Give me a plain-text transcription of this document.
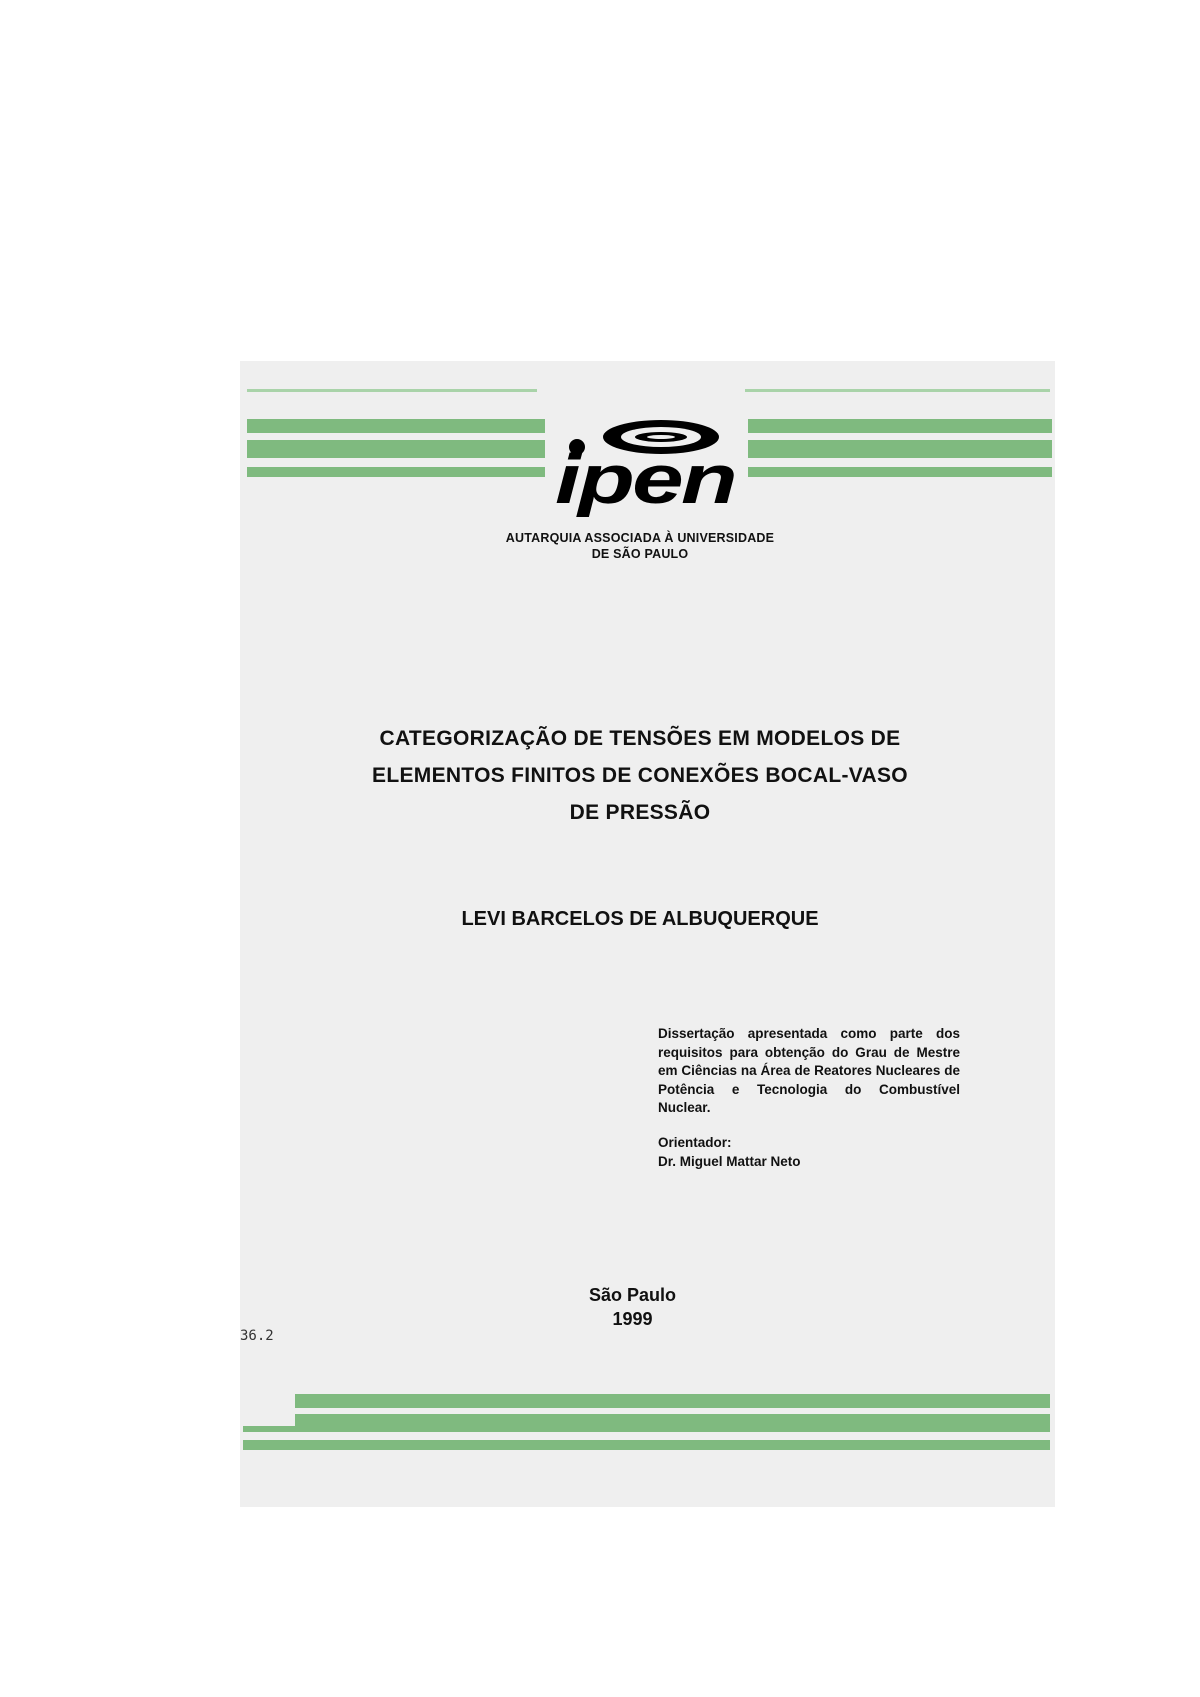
ipen
AUTARQUIA ASSOCIADA À UNIVERSIDADE
DE SÃO PAULO
CATEGORIZAÇÃO DE TENSÕES EM MODELOS DE
ELEMENTOS FINITOS DE CONEXÕES BOCAL-VASO
DE PRESSÃO
LEVI BARCELOS DE ALBUQUERQUE
Dissertação apresentada como parte dos requisitos para obtenção do Grau de Mestre em Ciências na Área de Reatores Nucleares de Potência e Tecnologia do Combustível Nuclear.
Orientador:
Dr. Miguel Mattar Neto
São Paulo
1999
36.2
